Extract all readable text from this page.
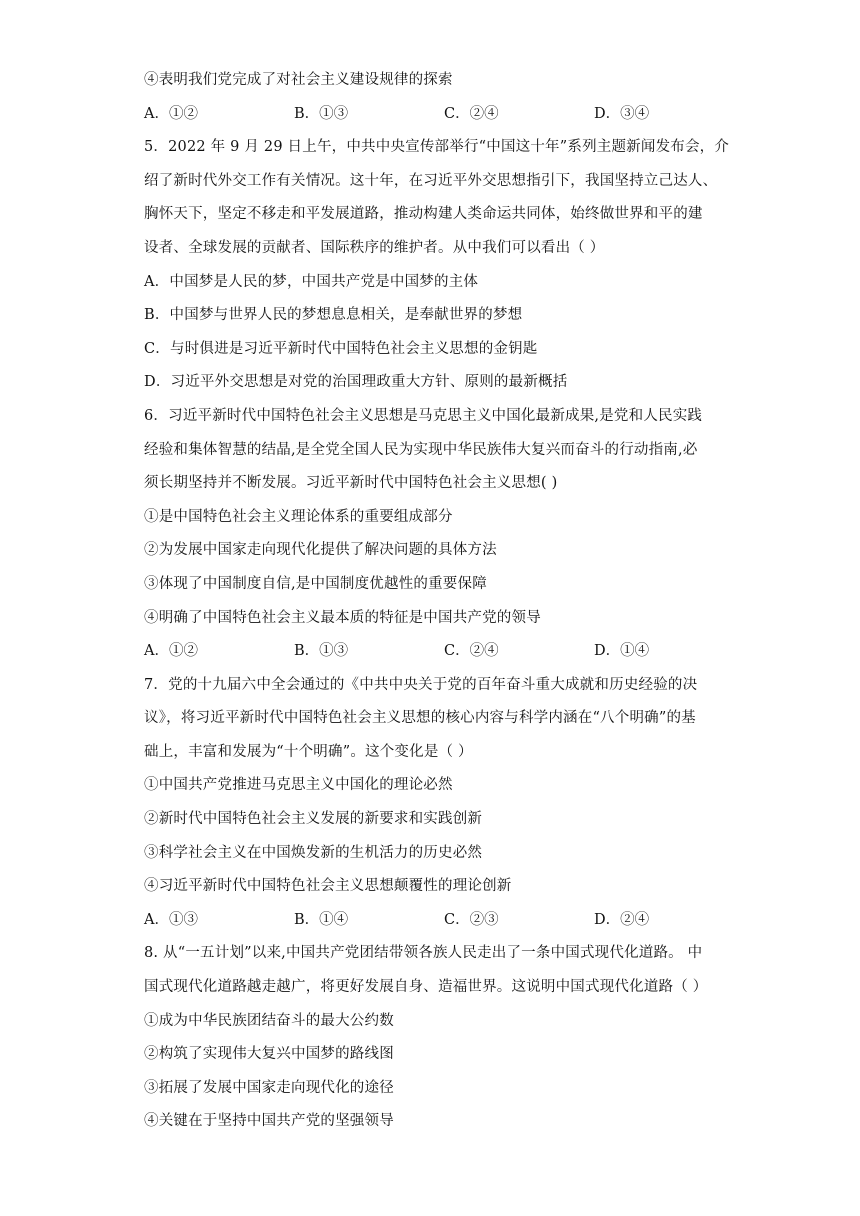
④表明我们党完成了对社会主义建设规律的探索
A．①②	B．①③	C．②④	D．③④
5．2022 年 9 月 29 日上午，中共中央宣传部举行“中国这十年”系列主题新闻发布会，介
绍了新时代外交工作有关情况。这十年，在习近平外交思想指引下，我国坚持立己达人、
胸怀天下，坚定不移走和平发展道路，推动构建人类命运共同体，始终做世界和平的建
设者、全球发展的贡献者、国际秩序的维护者。从中我们可以看出（ ）
A．中国梦是人民的梦，中国共产党是中国梦的主体
B．中国梦与世界人民的梦想息息相关，是奉献世界的梦想
C．与时俱进是习近平新时代中国特色社会主义思想的金钥匙
D．习近平外交思想是对党的治国理政重大方针、原则的最新概括
6．习近平新时代中国特色社会主义思想是马克思主义中国化最新成果,是党和人民实践
经验和集体智慧的结晶,是全党全国人民为实现中华民族伟大复兴而奋斗的行动指南,必
须长期坚持并不断发展。习近平新时代中国特色社会主义思想( )
①是中国特色社会主义理论体系的重要组成部分
②为发展中国家走向现代化提供了解决问题的具体方法
③体现了中国制度自信,是中国制度优越性的重要保障
④明确了中国特色社会主义最本质的特征是中国共产党的领导
A．①②	B．①③	C．②④	D．①④
7．党的十九届六中全会通过的《中共中央关于党的百年奋斗重大成就和历史经验的决
议》，将习近平新时代中国特色社会主义思想的核心内容与科学内涵在“八个明确”的基
础上，丰富和发展为“十个明确”。这个变化是（ ）
①中国共产党推进马克思主义中国化的理论必然
②新时代中国特色社会主义发展的新要求和实践创新
③科学社会主义在中国焕发新的生机活力的历史必然
④习近平新时代中国特色社会主义思想颠覆性的理论创新
A．①③	B．①④	C．②③	D．②④
8. 从“一五计划”以来,中国共产党团结带领各族人民走出了一条中国式现代化道路。 中
国式现代化道路越走越广，将更好发展自身、造福世界。这说明中国式现代化道路（ ）
①成为中华民族团结奋斗的最大公约数
②构筑了实现伟大复兴中国梦的路线图
③拓展了发展中国家走向现代化的途径
④关键在于坚持中国共产党的坚强领导
